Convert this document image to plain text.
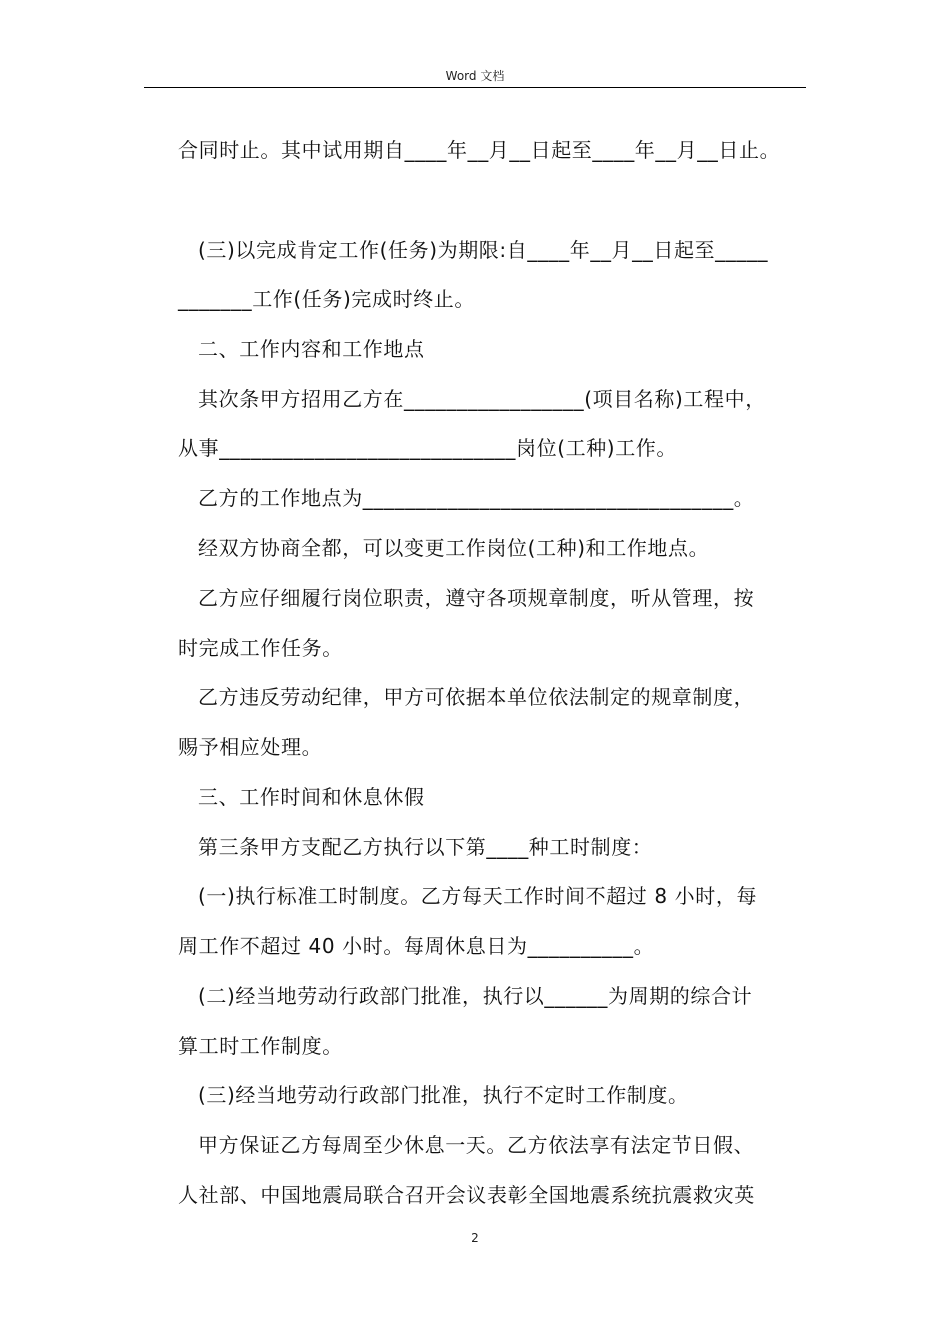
Word 文档
合同时止。其中试用期自____年__月__日起至____年__月__日止。
(三)以完成肯定工作(任务)为期限:自____年__月__日起至_____
_______工作(任务)完成时终止。
二、工作内容和工作地点
其次条甲方招用乙方在_________________(项目名称)工程中，
从事____________________________岗位(工种)工作。
乙方的工作地点为___________________________________。
经双方协商全都，可以变更工作岗位(工种)和工作地点。
乙方应仔细履行岗位职责，遵守各项规章制度，听从管理，按
时完成工作任务。
乙方违反劳动纪律，甲方可依据本单位依法制定的规章制度，
赐予相应处理。
三、工作时间和休息休假
第三条甲方支配乙方执行以下第____种工时制度：
(一)执行标准工时制度。乙方每天工作时间不超过 8 小时，每
周工作不超过 40 小时。每周休息日为__________。
(二)经当地劳动行政部门批准，执行以______为周期的综合计
算工时工作制度。
(三)经当地劳动行政部门批准，执行不定时工作制度。
甲方保证乙方每周至少休息一天。乙方依法享有法定节日假、
人社部、中国地震局联合召开会议表彰全国地震系统抗震救灾英
2
